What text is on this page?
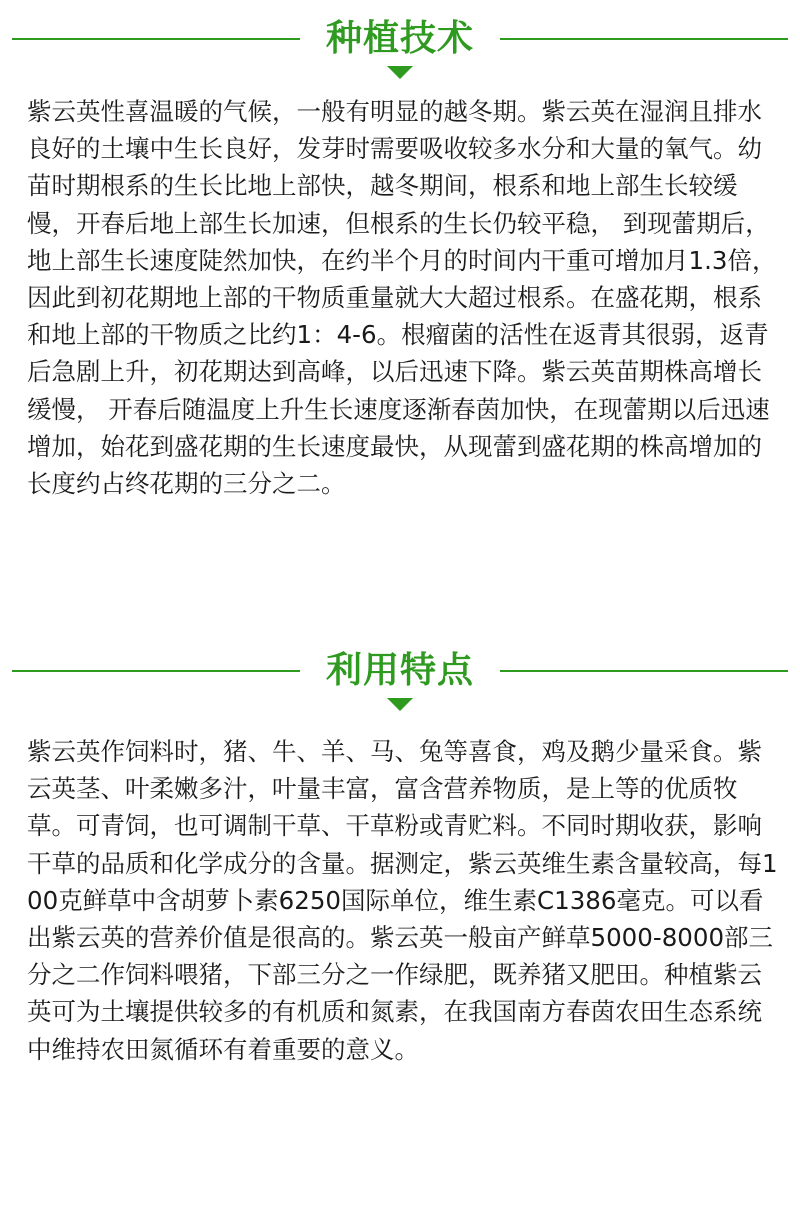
种植技术

紫云英性喜温暖的气候，一般有明显的越冬期。紫云英在湿润且排水良好的土壤中生长良好，发芽时需要吸收较多水分和大量的氧气。幼苗时期根系的生长比地上部快，越冬期间，根系和地上部生长较缓慢，开春后地上部生长加速，但根系的生长仍较平稳， 到现蕾期后，地上部生长速度陡然加快，在约半个月的时间内干重可增加月1.3倍，因此到初花期地上部的干物质重量就大大超过根系。在盛花期，根系和地上部的干物质之比约1：4-6。根瘤菌的活性在返青其很弱，返青后急剧上升，初花期达到高峰，以后迅速下降。紫云英苗期株高增长缓慢， 开春后随温度上升生长速度逐渐春茵加快，在现蕾期以后迅速增加，始花到盛花期的生长速度最快，从现蕾到盛花期的株高增加的长度约占终花期的三分之二。

利用特点

紫云英作饲料时，猪、牛、羊、马、兔等喜食，鸡及鹅少量采食。紫云英茎、叶柔嫩多汁，叶量丰富，富含营养物质，是上等的优质牧草。可青饲，也可调制干草、干草粉或青贮料。不同时期收获，影响干草的品质和化学成分的含量。据测定，紫云英维生素含量较高，每100克鲜草中含胡萝卜素6250国际单位，维生素C1386毫克。可以看出紫云英的营养价值是很高的。紫云英一般亩产鲜草5000-8000部三分之二作饲料喂猪，下部三分之一作绿肥，既养猪又肥田。种植紫云英可为土壤提供较多的有机质和氮素，在我国南方春茵农田生态系统中维持农田氮循环有着重要的意义。
